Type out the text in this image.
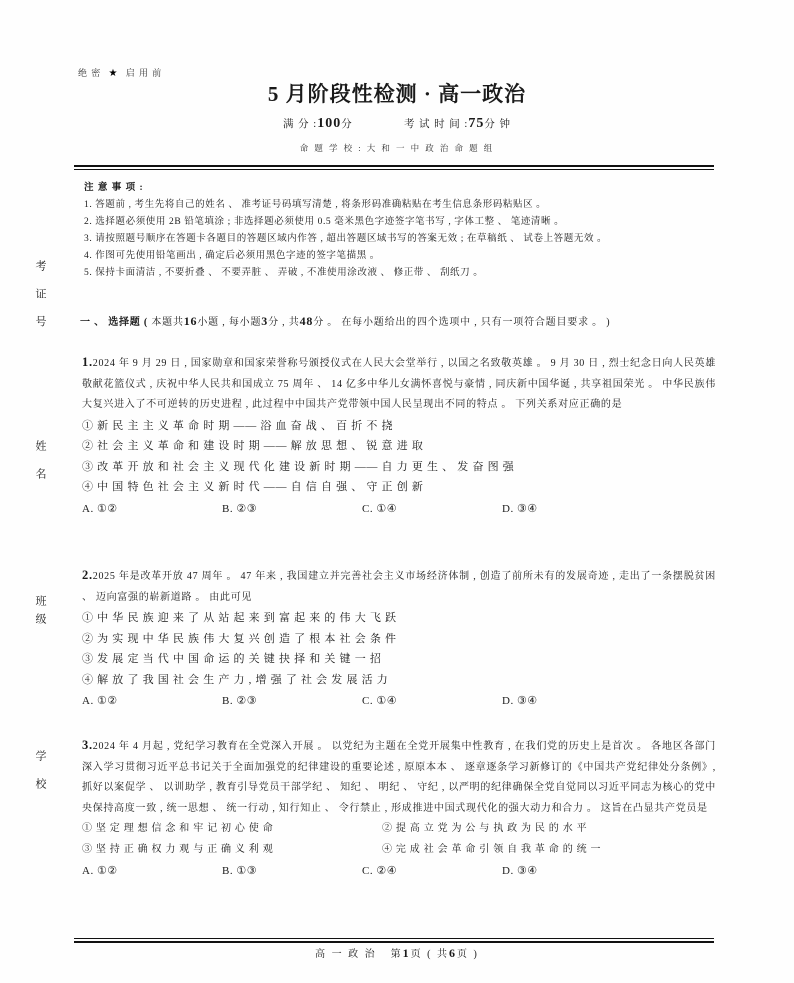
绝 密 ★ 启 用 前
5 月阶段性检测 · 高一政治
满 分 :100分	考 试 时 间 :75分 钟
命 题 学 校 : 大 和 一 中 政 治 命 题 组
注 意 事 项 :
1. 答题前 , 考生先将自己的姓名 、 准考证号码填写清楚 , 将条形码准确粘贴在考生信息条形码粘贴区 。
2. 选择题必须使用 2B 铅笔填涂 ; 非选择题必须使用 0.5 毫米黑色字迹签字笔书写 , 字体工整 、 笔迹清晰 。
3. 请按照题号顺序在答题卡各题目的答题区域内作答 , 超出答题区域书写的答案无效 ; 在草稿纸 、 试卷上答题无效 。
4. 作图可先使用铅笔画出 , 确定后必须用黑色字迹的签字笔描黑 。
5. 保持卡面清洁 , 不要折叠 、 不要弄脏 、 弄破 , 不准使用涂改液 、 修正带 、 刮纸刀 。
一 、 选择题 ( 本题共16小题 , 每小题3分 , 共48分 。 在每小题给出的四个选项中 , 只有一项符合题目要求 。 )
1.2024 年 9 月 29 日 , 国家勋章和国家荣誉称号颁授仪式在人民大会堂举行 , 以国之名致敬英雄 。 9 月 30 日 , 烈士纪念日向人民英雄敬献花篮仪式 , 庆祝中华人民共和国成立 75 周年 、 14 亿多中华儿女满怀喜悦与豪情 , 同庆新中国华诞 , 共享祖国荣光 。 中华民族伟大复兴进入了不可逆转的历史进程 , 此过程中中国共产党带领中国人民呈现出不同的特点 。 下列关系对应正确的是
① 新 民 主 主 义 革 命 时 期 —— 浴 血 奋 战 、 百 折 不 挠
② 社 会 主 义 革 命 和 建 设 时 期 —— 解 放 思 想 、 锐 意 进 取
③ 改 革 开 放 和 社 会 主 义 现 代 化 建 设 新 时 期 —— 自 力 更 生 、 发 奋 图 强
④ 中 国 特 色 社 会 主 义 新 时 代 —— 自 信 自 强 、 守 正 创 新
A. ①②	B. ②③	C. ①④	D. ③④
2.2025 年是改革开放 47 周年 。 47 年来 , 我国建立并完善社会主义市场经济体制 , 创造了前所未有的发展奇迹 , 走出了一条摆脱贫困 、 迈向富强的崭新道路 。 由此可见
① 中 华 民 族 迎 来 了 从 站 起 来 到 富 起 来 的 伟 大 飞 跃
② 为 实 现 中 华 民 族 伟 大 复 兴 创 造 了 根 本 社 会 条 件
③ 发 展 定 当 代 中 国 命 运 的 关 键 抉 择 和 关 键 一 招
④ 解 放 了 我 国 社 会 生 产 力 , 增 强 了 社 会 发 展 活 力
A. ①②	B. ②③	C. ①④	D. ③④
3.2024 年 4 月起 , 党纪学习教育在全党深入开展 。 以党纪为主题在全党开展集中性教育 , 在我们党的历史上是首次 。 各地区各部门深入学习贯彻习近平总书记关于全面加强党的纪律建设的重要论述 , 原原本本 、 逐章逐条学习新修订的《中国共产党纪律处分条例》, 抓好以案促学 、 以训助学 , 教育引导党员干部学纪 、 知纪 、 明纪 、 守纪 , 以严明的纪律确保全党自觉同以习近平同志为核心的党中央保持高度一致 , 统一思想 、 统一行动 , 知行知止 、 令行禁止 , 形成推进中国式现代化的强大动力和合力 。 这旨在凸显共产党员是
① 坚 定 理 想 信 念 和 牢 记 初 心 使 命	② 提 高 立 党 为 公 与 执 政 为 民 的 水 平
③ 坚 持 正 确 权 力 观 与 正 确 义 利 观	④ 完 成 社 会 革 命 引 领 自 我 革 命 的 统 一
A. ①②	B. ①③	C. ②④	D. ③④
考 证 号
姓 名
班级
学 校
高 一 政 治 第1页 ( 共6页 )
